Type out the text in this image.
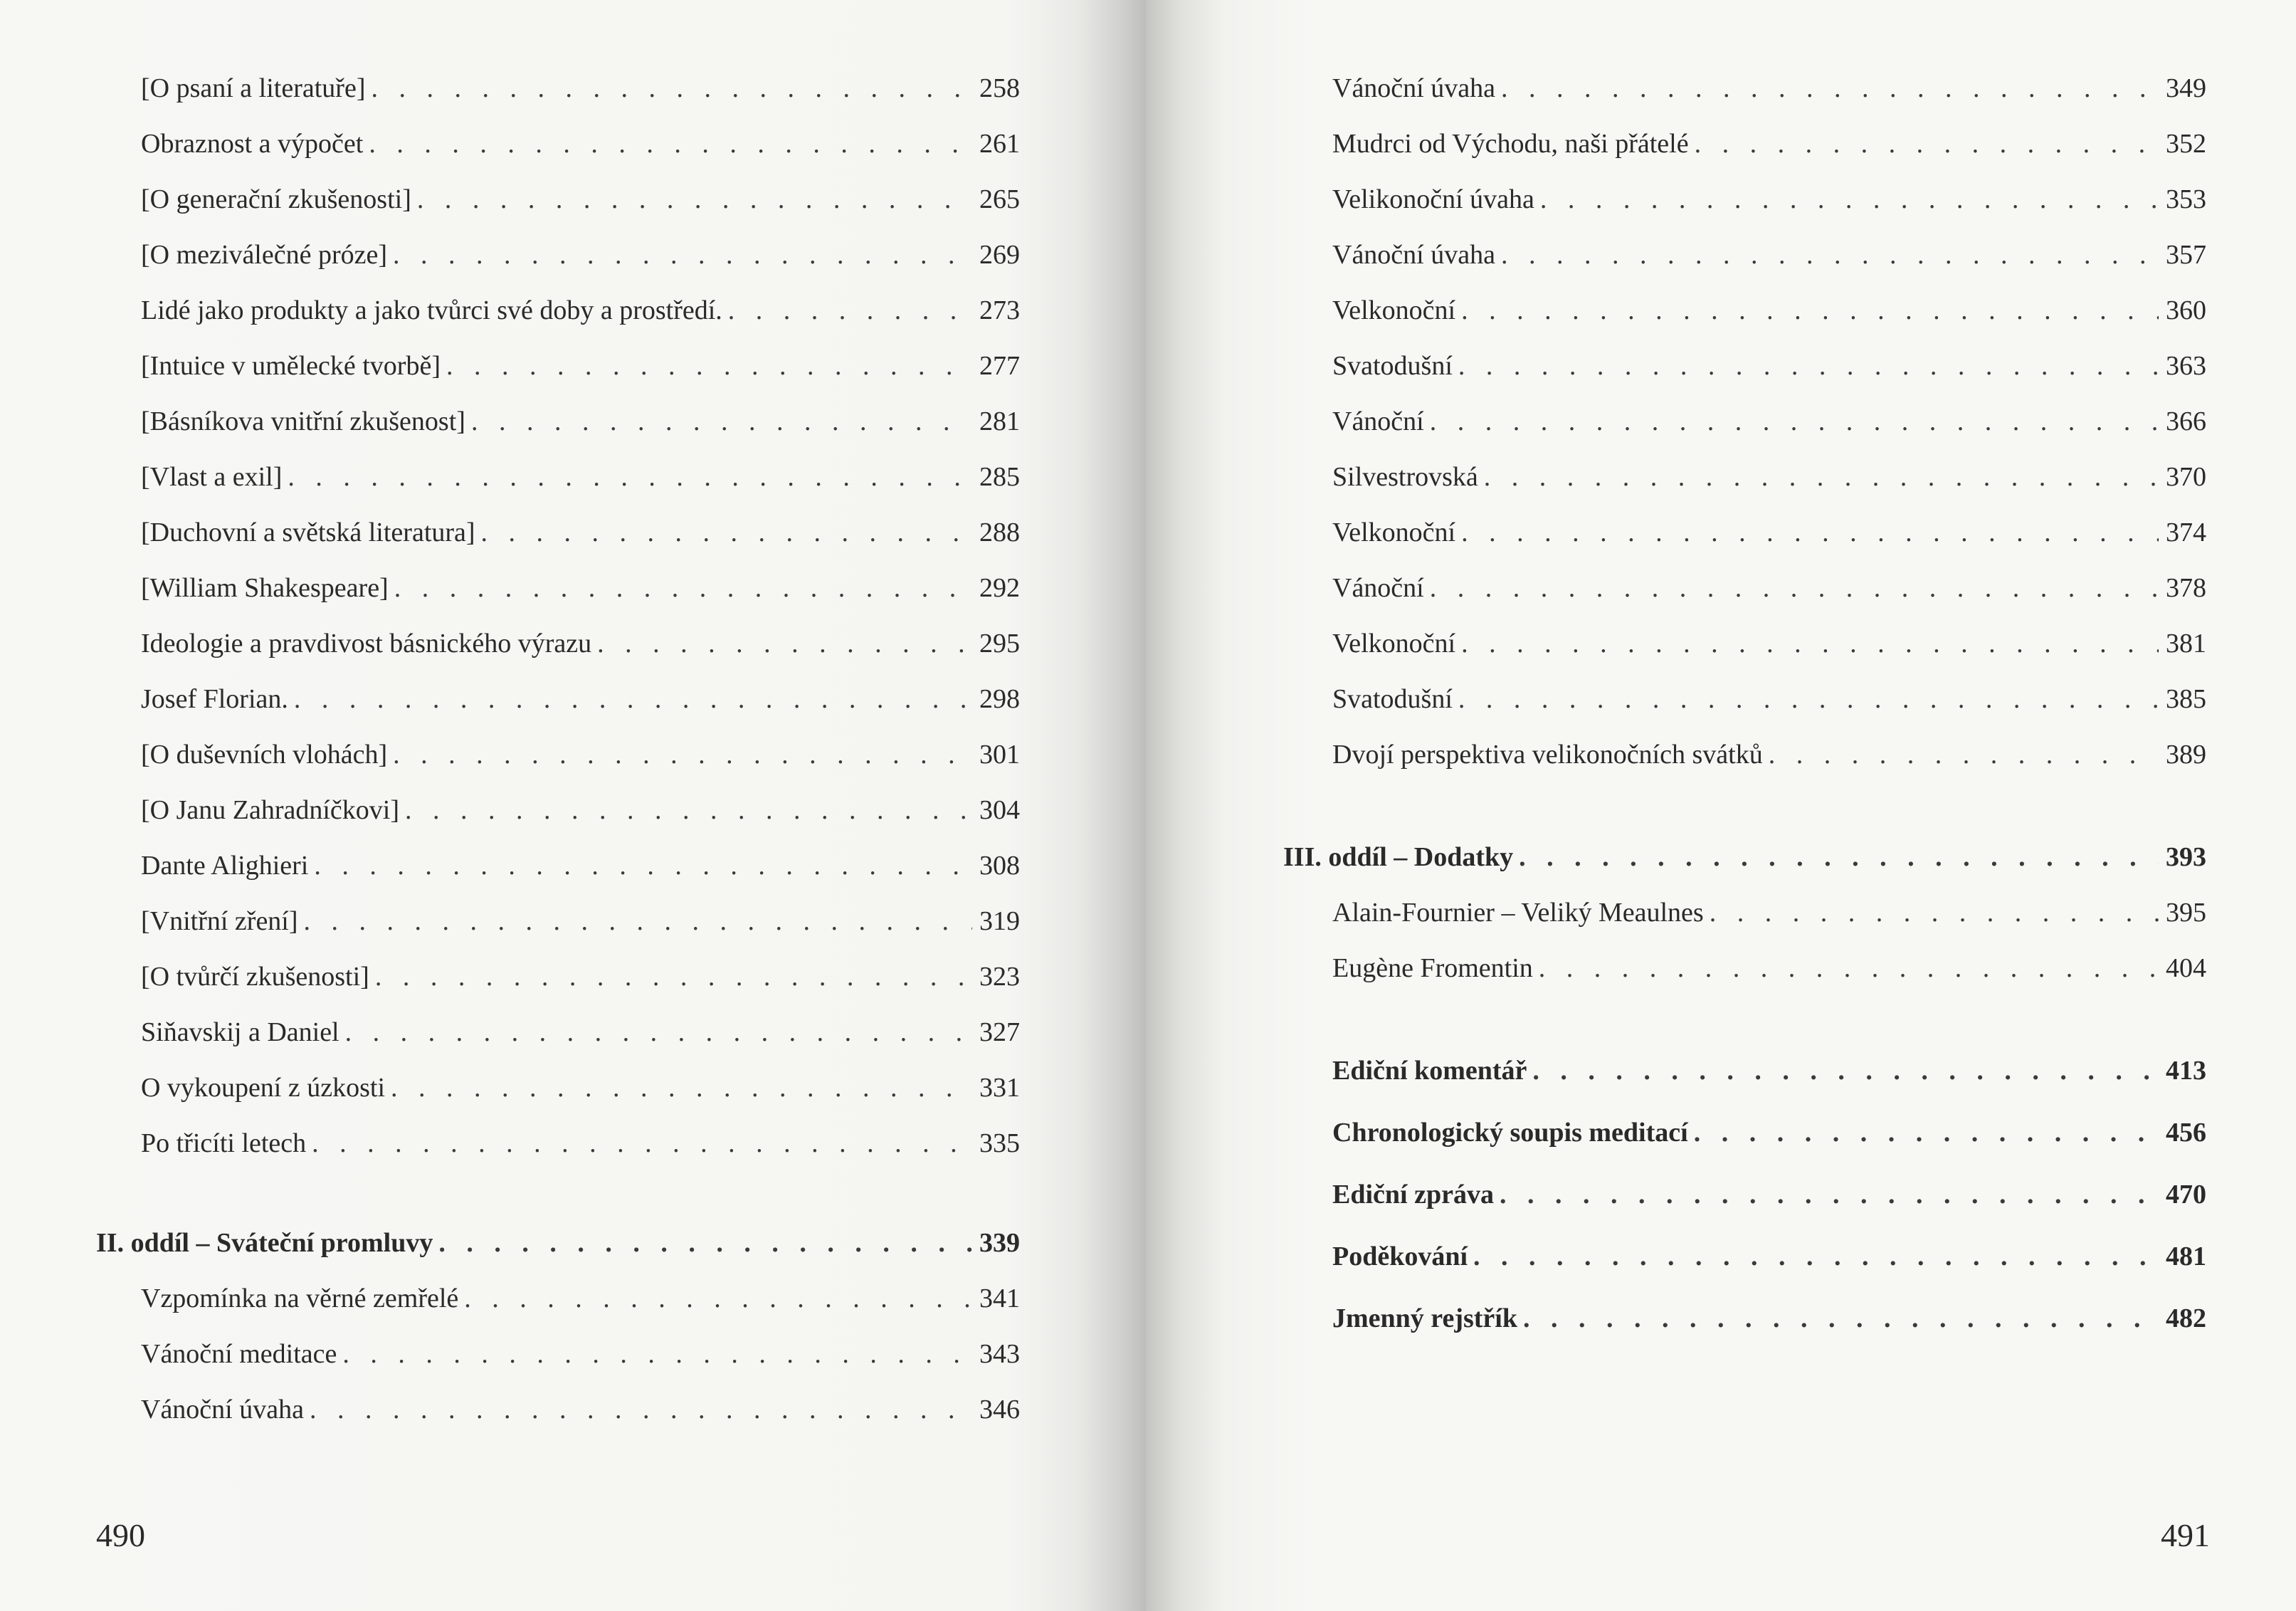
[O psaní a literatuře] . . .	258
Obraznost a výpočet . . .	261
[O generační zkušenosti] . . .	265
[O meziválečné próze] . . .	269
Lidé jako produkty a jako tvůrci své doby a prostředí. . . .	273
[Intuice v umělecké tvorbě] . . .	277
[Básníkova vnitřní zkušenost] . . .	281
[Vlast a exil] . . .	285
[Duchovní a světská literatura] . . .	288
[William Shakespeare] . . .	292
Ideologie a pravdivost básnického výrazu . . .	295
Josef Florian. . . .	298
[O duševních vlohách] . . .	301
[O Janu Zahradníčkovi] . . .	304
Dante Alighieri . . .	308
[Vnitřní zření] . . .	319
[O tvůrčí zkušenosti] . . .	323
Siňavskij a Daniel . . .	327
O vykoupení z úzkosti . . .	331
Po třicíti letech . . .	335
II. oddíl – Sváteční promluvy . . .	339
Vzpomínka na věrné zemřelé . . .	341
Vánoční meditace . . .	343
Vánoční úvaha . . .	346
490
Vánoční úvaha . . .	349
Mudrci od Východu, naši přátelé . . .	352
Velikonoční úvaha . . .	353
Vánoční úvaha . . .	357
Velkonoční . . .	360
Svatodušní . . .	363
Vánoční . . .	366
Silvestrovská . . .	370
Velkonoční . . .	374
Vánoční . . .	378
Velkonoční . . .	381
Svatodušní . . .	385
Dvojí perspektiva velikonočních svátků . . .	389
III. oddíl – Dodatky . . .	393
Alain-Fournier – Veliký Meaulnes . . .	395
Eugène Fromentin . . .	404
Ediční komentář . . .	413
Chronologický soupis meditací . . .	456
Ediční zpráva . . .	470
Poděkování . . .	481
Jmenný rejstřík . . .	482
491
